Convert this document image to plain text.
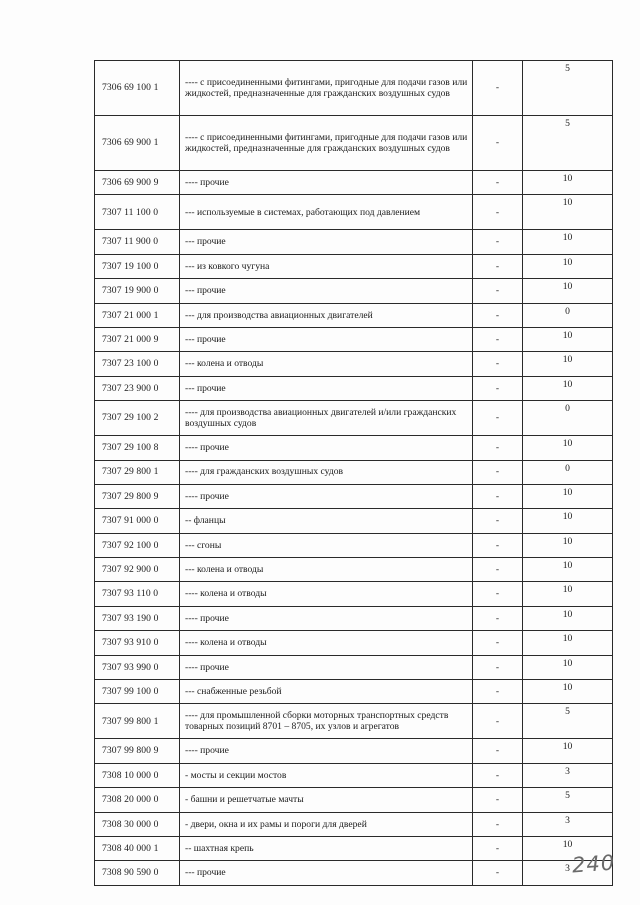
7306 69 100 1	---- с присоединенными фитингами, пригодные для подачи газов или жидкостей, предназначенные для гражданских воздушных судов	-	5
7306 69 900 1	---- с присоединенными фитингами, пригодные для подачи газов или жидкостей, предназначенные для гражданских воздушных судов	-	5
7306 69 900 9	---- прочие	-	10
7307 11 100 0	--- используемые в системах, работающих под давлением	-	10
7307 11 900 0	--- прочие	-	10
7307 19 100 0	--- из ковкого чугуна	-	10
7307 19 900 0	--- прочие	-	10
7307 21 000 1	--- для производства авиационных двигателей	-	0
7307 21 000 9	--- прочие	-	10
7307 23 100 0	--- колена и отводы	-	10
7307 23 900 0	--- прочие	-	10
7307 29 100 2	---- для производства авиационных двигателей и/или гражданских воздушных судов	-	0
7307 29 100 8	---- прочие	-	10
7307 29 800 1	---- для гражданских воздушных судов	-	0
7307 29 800 9	---- прочие	-	10
7307 91 000 0	-- фланцы	-	10
7307 92 100 0	--- сгоны	-	10
7307 92 900 0	--- колена и отводы	-	10
7307 93 110 0	---- колена и отводы	-	10
7307 93 190 0	---- прочие	-	10
7307 93 910 0	---- колена и отводы	-	10
7307 93 990 0	---- прочие	-	10
7307 99 100 0	--- снабженные резьбой	-	10
7307 99 800 1	---- для промышленной сборки моторных транспортных средств товарных позиций 8701 – 8705, их узлов и агрегатов	-	5
7307 99 800 9	---- прочие	-	10
7308 10 000 0	- мосты и секции мостов	-	3
7308 20 000 0	- башни и решетчатые мачты	-	5
7308 30 000 0	- двери, окна и их рамы и пороги для дверей	-	3
7308 40 000 1	-- шахтная крепь	-	10
7308 90 590 0	--- прочие	-	3 240
